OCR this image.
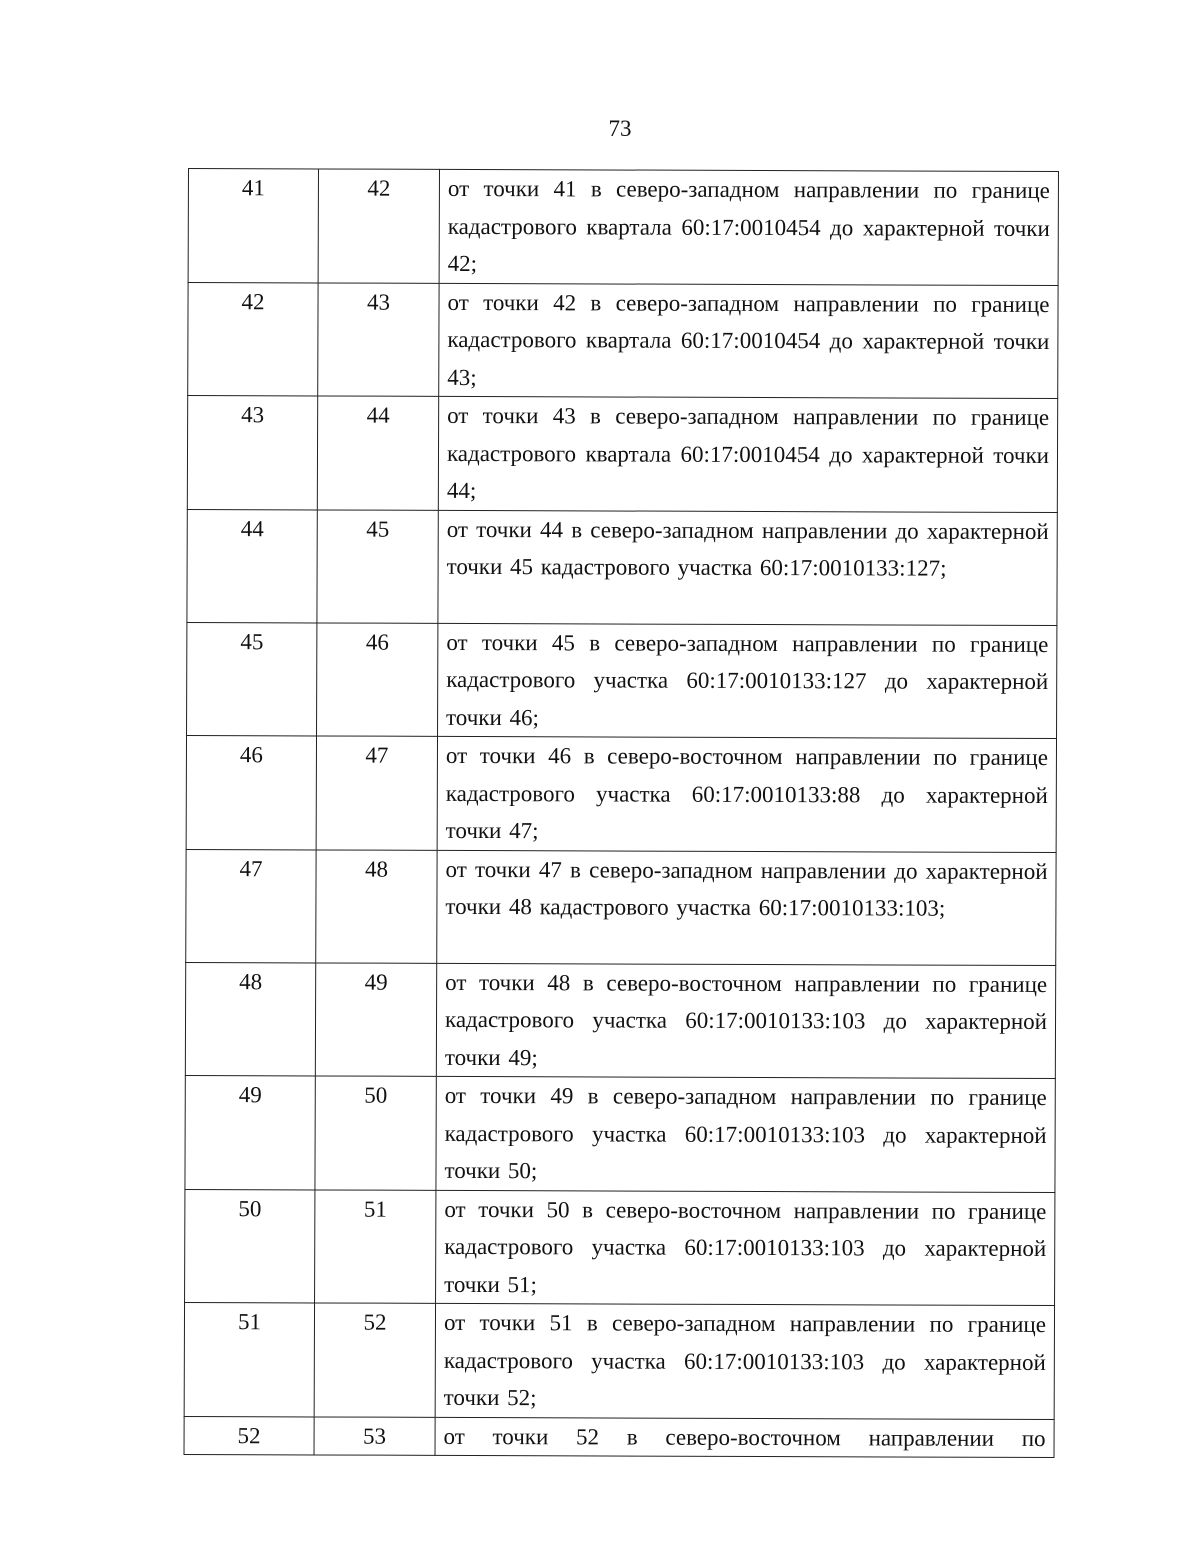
73
41	42	от точки 41 в северо-западном направлении по границе кадастрового квартала 60:17:0010454 до характерной точки 42;
42	43	от точки 42 в северо-западном направлении по границе кадастрового квартала 60:17:0010454 до характерной точки 43;
43	44	от точки 43 в северо-западном направлении по границе кадастрового квартала 60:17:0010454 до характерной точки 44;
44	45	от точки 44 в северо-западном направлении до характерной точки 45 кадастрового участка 60:17:0010133:127;
45	46	от точки 45 в северо-западном направлении по границе кадастрового участка 60:17:0010133:127 до характерной точки 46;
46	47	от точки 46 в северо-восточном направлении по границе кадастрового участка 60:17:0010133:88 до характерной точки 47;
47	48	от точки 47 в северо-западном направлении до характерной точки 48 кадастрового участка 60:17:0010133:103;
48	49	от точки 48 в северо-восточном направлении по границе кадастрового участка 60:17:0010133:103 до характерной точки 49;
49	50	от точки 49 в северо-западном направлении по границе кадастрового участка 60:17:0010133:103 до характерной точки 50;
50	51	от точки 50 в северо-восточном направлении по границе кадастрового участка 60:17:0010133:103 до характерной точки 51;
51	52	от точки 51 в северо-западном направлении по границе кадастрового участка 60:17:0010133:103 до характерной точки 52;
52	53	от точки 52 в северо-восточном направлении по
